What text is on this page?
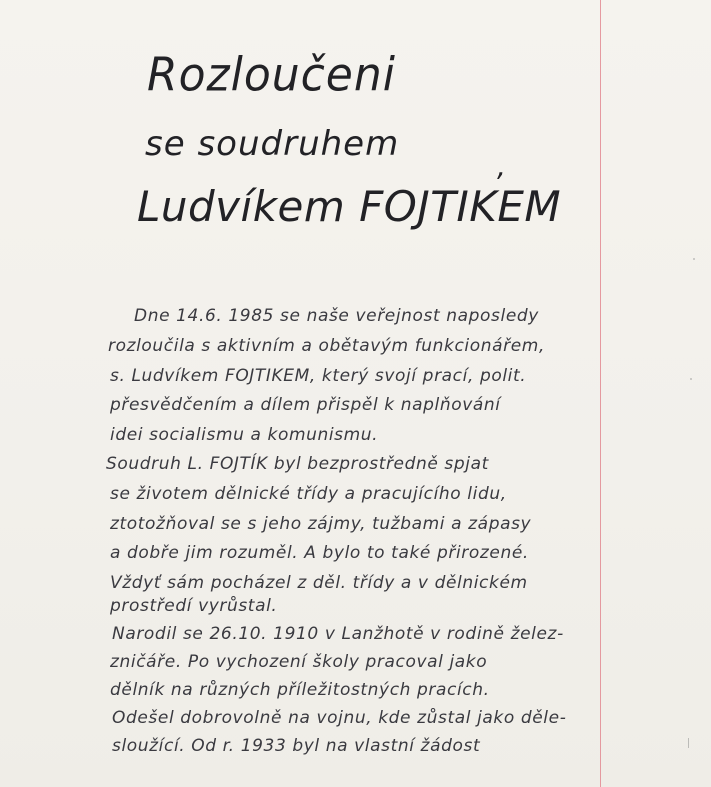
Rozloučeni
se soudruhem
,
Ludvíkem FOJTIKEM
Dne 14.6. 1985 se naše veřejnost naposledy
rozloučila s aktivním a obětavým funkcionářem,
s. Ludvíkem FOJTIKEM, který svojí prací, polit.
přesvědčením a dílem přispěl k naplňování
idei socialismu a komunismu.
Soudruh L. FOJTÍK byl bezprostředně spjat
se životem dělnické třídy a pracujícího lidu,
ztotožňoval se s jeho zájmy, tužbami a zápasy
a dobře jim rozuměl. A bylo to také přirozené.
Vždyť sám pocházel z děl. třídy a v dělnickém
prostředí vyrůstal.
Narodil se 26.10. 1910 v Lanžhotě v rodině želez-
zničáře. Po vychození školy pracoval jako
dělník na různých příležitostných pracích.
Odešel dobrovolně na vojnu, kde zůstal jako děle-
sloužící. Od r. 1933 byl na vlastní žádost
